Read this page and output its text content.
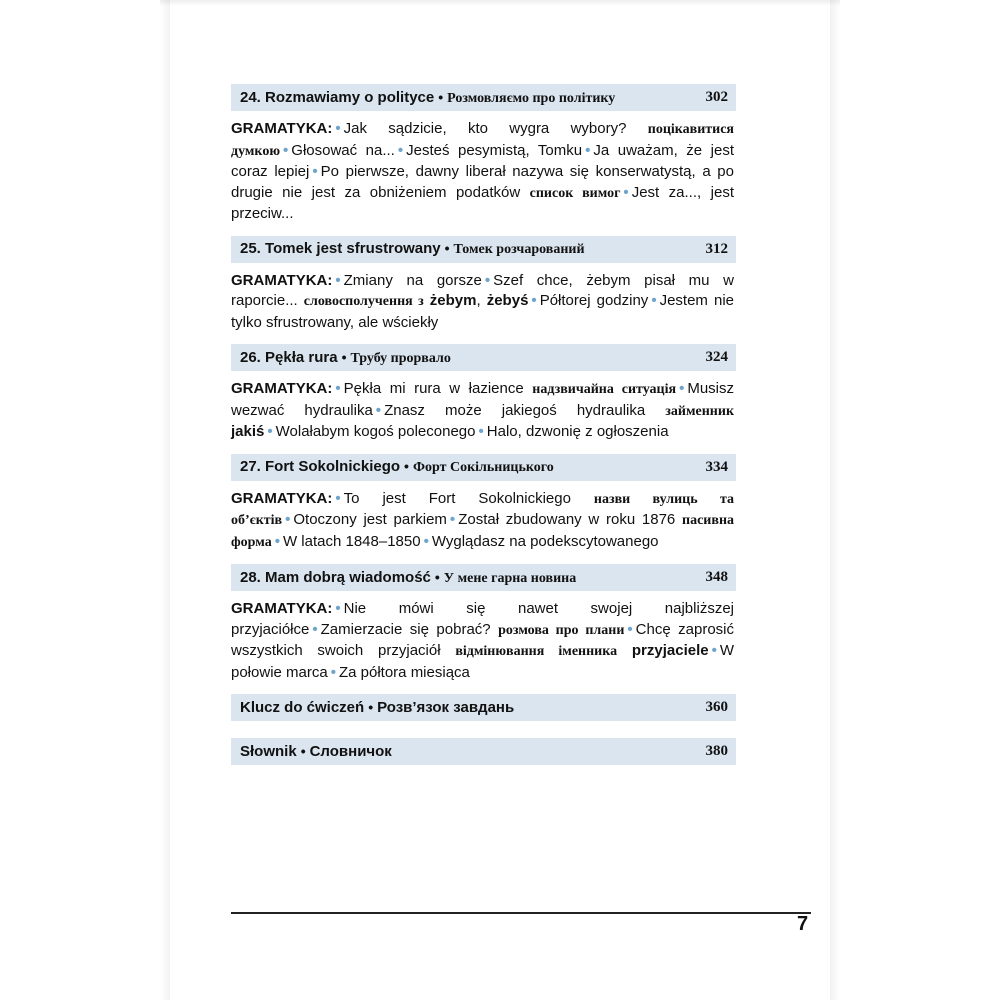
24. Rozmawiamy o polityce • Розмовляємо про політику	302
GRAMATYKA: • Jak sądzicie, kto wygra wybory? поцікавитися думкою • Głosować na... • Jesteś pesymistą, Tomku • Ja uważam, że jest coraz lepiej • Po pierwsze, dawny liberał nazywa się konserwatystą, a po drugie nie jest za obniżeniem podatków список вимог • Jest za..., jest przeciw...
25. Tomek jest sfrustrowany • Томек розчарований	312
GRAMATYKA: • Zmiany na gorsze • Szef chce, żebym pisał mu w raporcie... словосполучення з żebym, żebyś • Półtorej godziny • Jestem nie tylko sfrustrowany, ale wściekły
26. Pękła rura • Трубу прорвало	324
GRAMATYKA: • Pękła mi rura w łazience надзвичайна ситуація • Musisz wezwać hydraulika • Znasz może jakiegoś hydraulika займенник jakiś • Wolałabym kogoś poleconego • Halo, dzwonię z ogłoszenia
27. Fort Sokolnickiego • Форт Сокільницького	334
GRAMATYKA: • To jest Fort Sokolnickiego назви вулиць та об’єктів • Otoczony jest parkiem • Został zbudowany w roku 1876 пасивна форма • W latach 1848–1850 • Wyglądasz na podekscytowanego
28. Mam dobrą wiadomość • У мене гарна новина	348
GRAMATYKA: • Nie mówi się nawet swojej najbliższej przyjaciółce • Zamierzacie się pobrać? розмова про плани • Chcę zaprosić wszystkich swoich przyjaciół відмінювання іменника przyjaciele • W połowie marca • Za półtora miesiąca
Klucz do ćwiczeń • Розв’язок завдань	360
Słownik • Словничок	380
7
